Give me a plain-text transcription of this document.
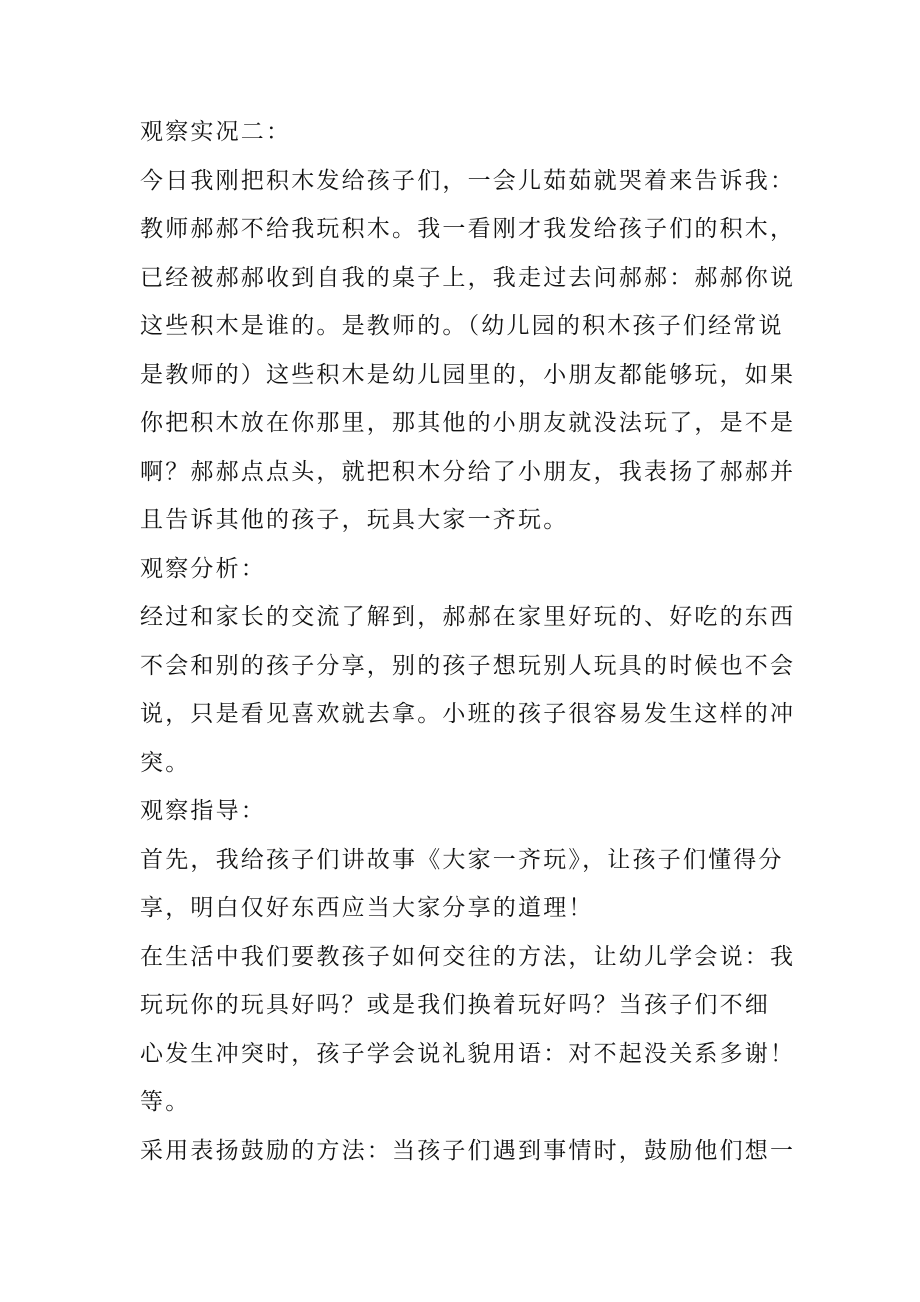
观察实况二：

今日我刚把积木发给孩子们，一会儿茹茹就哭着来告诉我：
教师郝郝不给我玩积木。我一看刚才我发给孩子们的积木，
已经被郝郝收到自我的桌子上，我走过去问郝郝：郝郝你说
这些积木是谁的。是教师的。（幼儿园的积木孩子们经常说
是教师的）这些积木是幼儿园里的，小朋友都能够玩，如果
你把积木放在你那里，那其他的小朋友就没法玩了，是不是
啊？郝郝点点头，就把积木分给了小朋友，我表扬了郝郝并
且告诉其他的孩子，玩具大家一齐玩。

观察分析：

经过和家长的交流了解到，郝郝在家里好玩的、好吃的东西
不会和别的孩子分享，别的孩子想玩别人玩具的时候也不会
说，只是看见喜欢就去拿。小班的孩子很容易发生这样的冲
突。

观察指导：

首先，我给孩子们讲故事《大家一齐玩》，让孩子们懂得分
享，明白仅好东西应当大家分享的道理！

在生活中我们要教孩子如何交往的方法，让幼儿学会说：我
玩玩你的玩具好吗？或是我们换着玩好吗？当孩子们不细
心发生冲突时，孩子学会说礼貌用语：对不起没关系多谢！
等。

采用表扬鼓励的方法：当孩子们遇到事情时，鼓励他们想一
